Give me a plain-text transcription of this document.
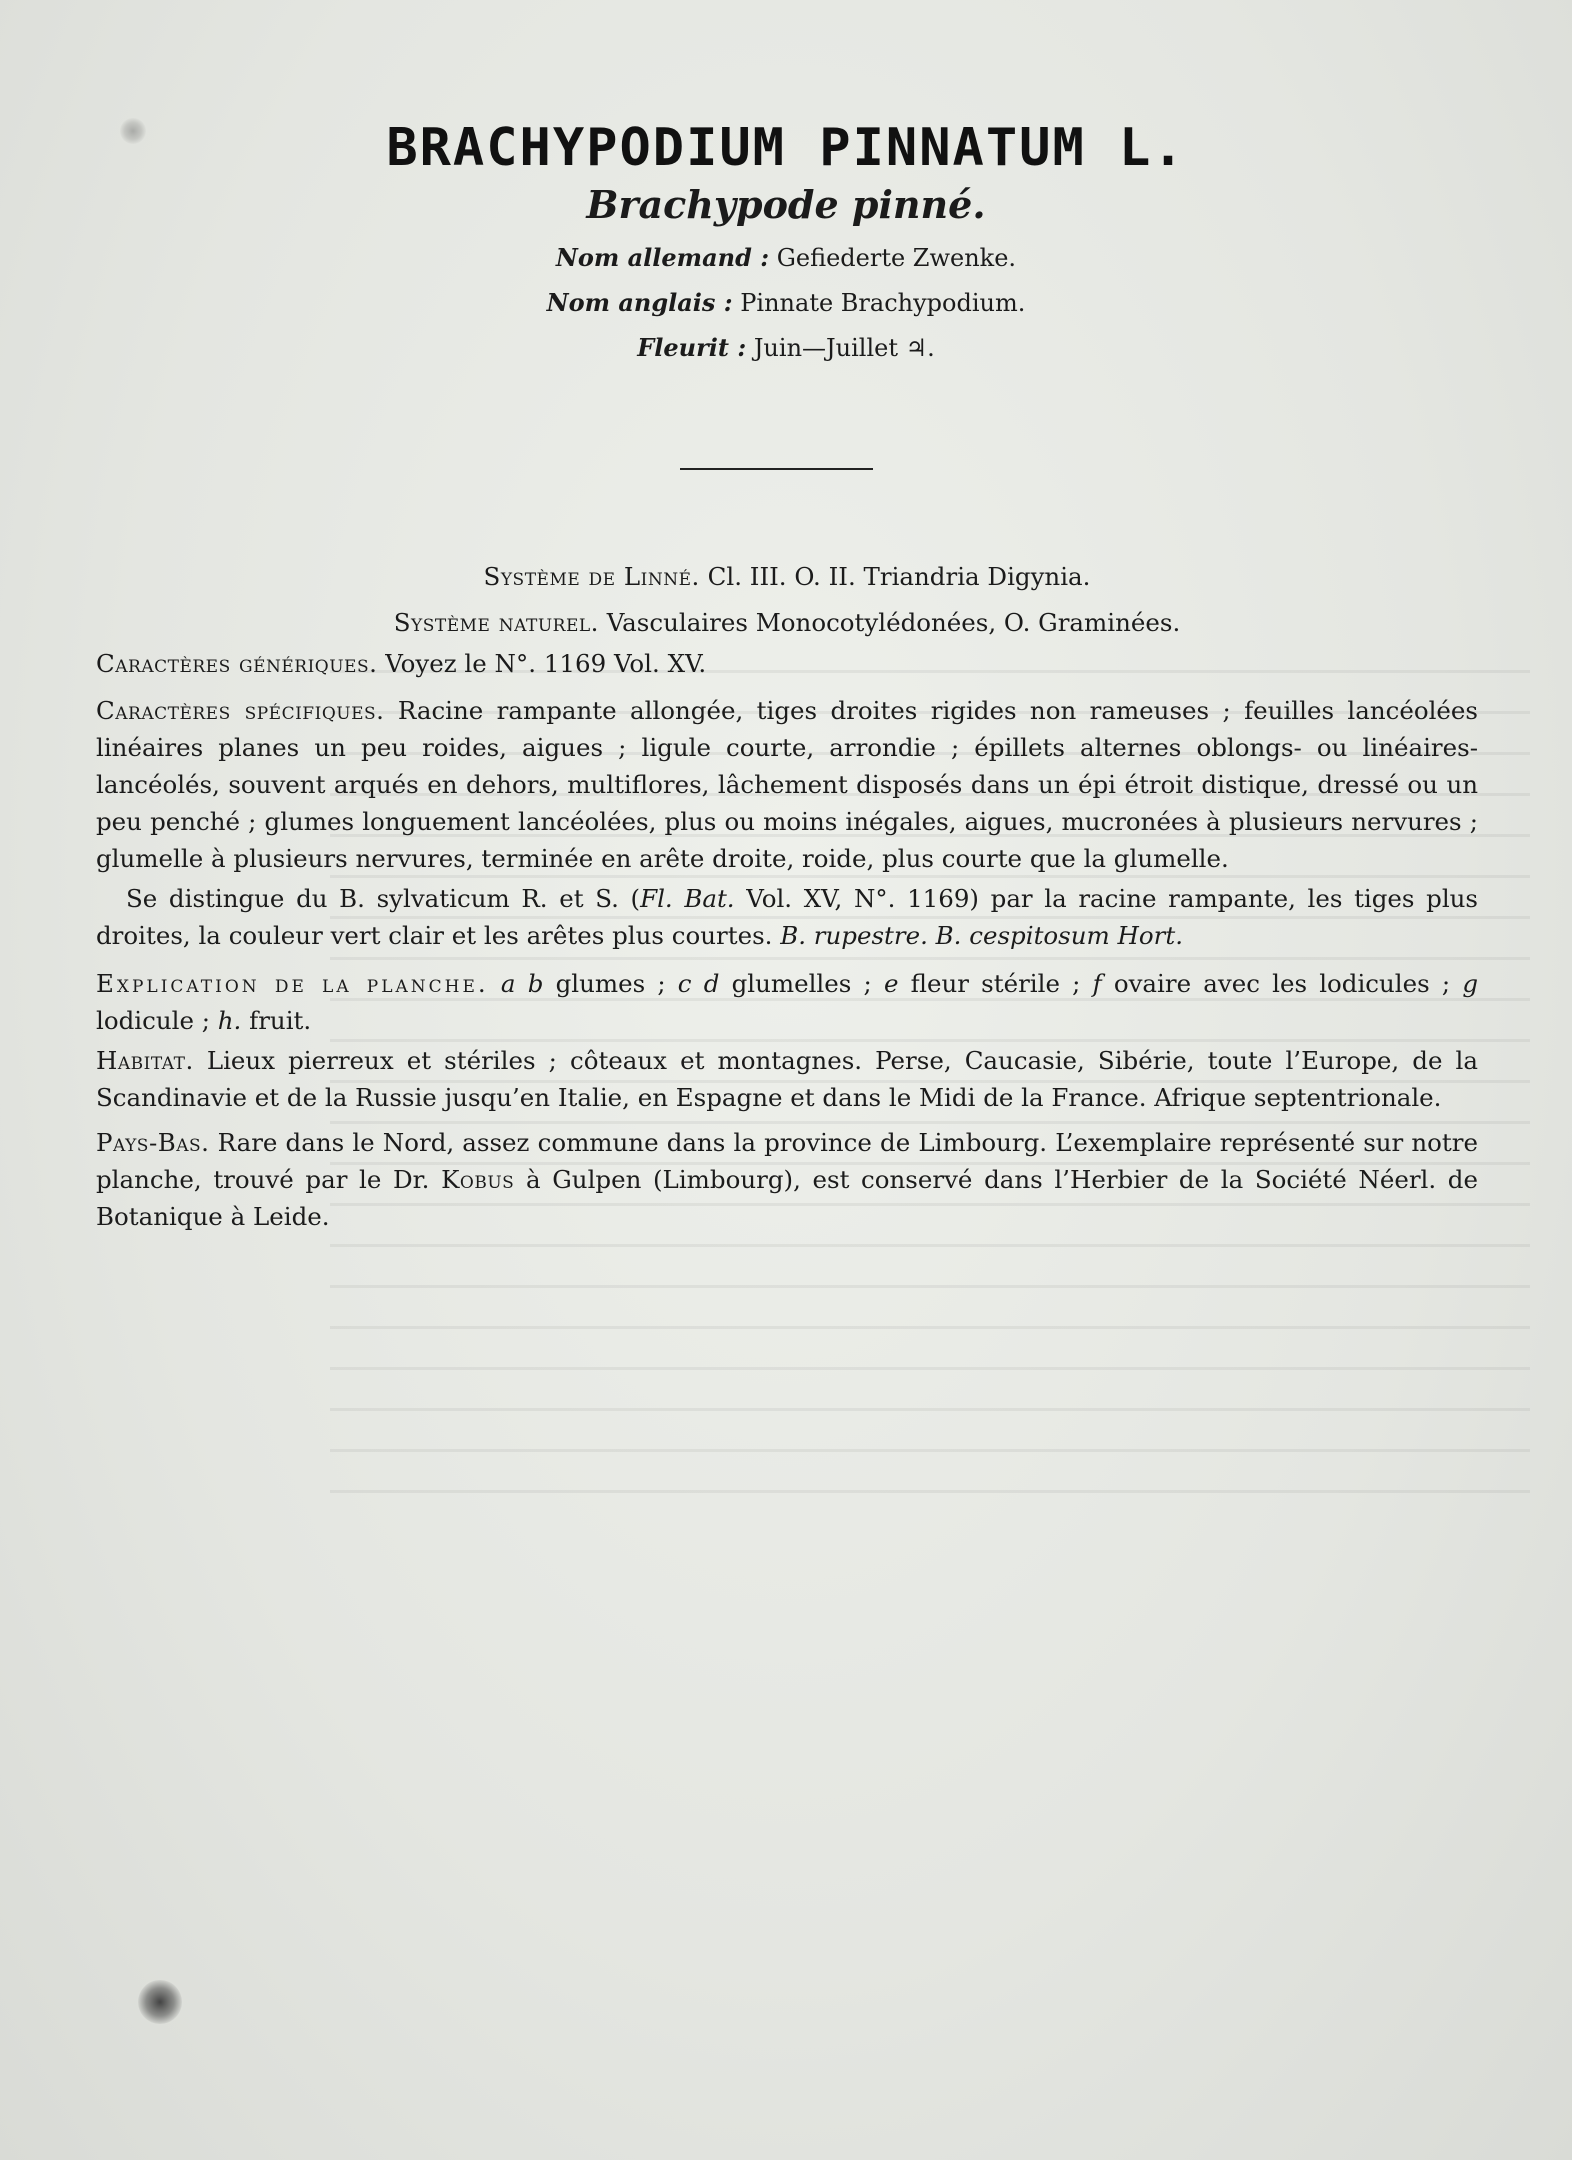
BRACHYPODIUM PINNATUM L.
Brachypode pinné.
Nom allemand : Gefiederte Zwenke.
Nom anglais : Pinnate Brachypodium.
Fleurit : Juin—Juillet ♃.
Système de Linné. Cl. III. O. II. Triandria Digynia.
Système naturel. Vasculaires Monocotylédonées, O. Graminées.
Caractères génériques. Voyez le N°. 1169 Vol. XV.
Caractères spécifiques. Racine rampante allongée, tiges droites rigides non rameuses ; feuilles lancéolées linéaires planes un peu roides, aigues ; ligule courte, arrondie ; épillets alternes oblongs- ou linéaires-lancéolés, souvent arqués en dehors, multiflores, lâchement disposés dans un épi étroit distique, dressé ou un peu penché ; glumes longuement lancéolées, plus ou moins inégales, aigues, mucronées à plusieurs nervures ; glumelle à plusieurs nervures, terminée en arête droite, roide, plus courte que la glumelle.
Se distingue du B. sylvaticum R. et S. (Fl. Bat. Vol. XV, N°. 1169) par la racine rampante, les tiges plus droites, la couleur vert clair et les arêtes plus courtes. B. rupestre. B. cespitosum Hort.
Explication de la planche. a b glumes ; c d glumelles ; e fleur stérile ; f ovaire avec les lodicules ; g lodicule ; h. fruit.
Habitat. Lieux pierreux et stériles ; côteaux et montagnes. Perse, Caucasie, Sibérie, toute l’Europe, de la Scandinavie et de la Russie jusqu’en Italie, en Espagne et dans le Midi de la France. Afrique septentrionale.
Pays-Bas. Rare dans le Nord, assez commune dans la province de Limbourg. L’exemplaire représenté sur notre planche, trouvé par le Dr. Kobus à Gulpen (Limbourg), est conservé dans l’Herbier de la Société Néerl. de Botanique à Leide.
